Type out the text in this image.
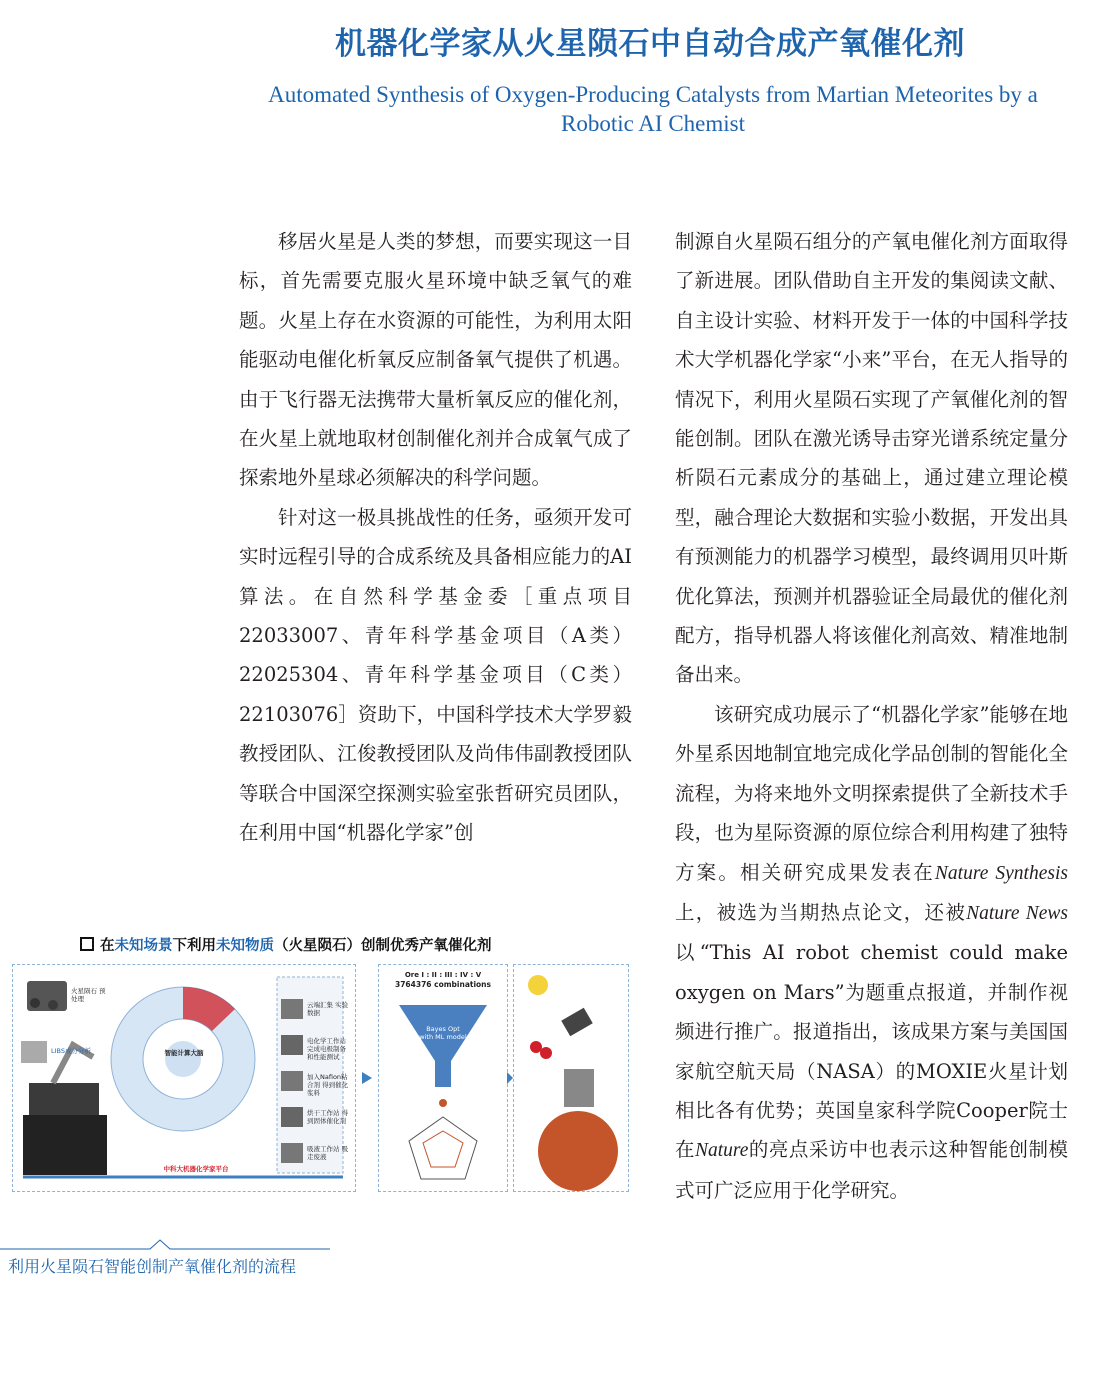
机器化学家从火星陨石中自动合成产氧催化剂
Automated Synthesis of Oxygen-Producing Catalysts from Martian Meteorites by a Robotic AI Chemist

移居火星是人类的梦想，而要实现这一目标，首先需要克服火星环境中缺乏氧气的难题。火星上存在水资源的可能性，为利用太阳能驱动电催化析氧反应制备氧气提供了机遇。由于飞行器无法携带大量析氧反应的催化剂，在火星上就地取材创制催化剂并合成氧气成了探索地外星球必须解决的科学问题。

针对这一极具挑战性的任务，亟须开发可实时远程引导的合成系统及具备相应能力的AI算法。在自然科学基金委［重点项目22033007、青年科学基金项目（A类）22025304、青年科学基金项目（C类）22103076］资助下，中国科学技术大学罗毅教授团队、江俊教授团队及尚伟伟副教授团队等联合中国深空探测实验室张哲研究员团队，在利用中国“机器化学家”创

制源自火星陨石组分的产氧电催化剂方面取得了新进展。团队借助自主开发的集阅读文献、自主设计实验、材料开发于一体的中国科学技术大学机器化学家“小来”平台，在无人指导的情况下，利用火星陨石实现了产氧催化剂的智能创制。团队在激光诱导击穿光谱系统定量分析陨石元素成分的基础上，通过建立理论模型，融合理论大数据和实验小数据，开发出具有预测能力的机器学习模型，最终调用贝叶斯优化算法，预测并机器验证全局最优的催化剂配方，指导机器人将该催化剂高效、精准地制备出来。

该研究成功展示了“机器化学家”能够在地外星系因地制宜地完成化学品创制的智能化全流程，为将来地外文明探索提供了全新技术手段，也为星际资源的原位综合利用构建了独特方案。相关研究成果发表在Nature Synthesis上，被选为当期热点论文，还被Nature News以“This AI robot chemist could make oxygen on Mars”为题重点报道，并制作视频进行推广。报道指出，该成果方案与美国国家航空航天局（NASA）的MOXIE火星计划相比各有优势；英国皇家科学院Cooper院士在Nature的亮点采访中也表示这种智能创制模式可广泛应用于化学研究。

在未知场景下利用未知物质（火星陨石）创制优秀产氧催化剂
火星陨石 预处理
LIBS成分分析	智能计算大脑
云端汇集 实验数据
电化学工作站 完成电极制备和性能测试
加入Nafion粘合剂 得到催化浆料
烘干工作站 得到固体催化剂
吸液工作站 吸走废液
中科大机器化学家平台
Ore I : II : III : IV : V
3764376 combinations
Bayes Opt with ML model
利用火星陨石智能创制产氧催化剂的流程
